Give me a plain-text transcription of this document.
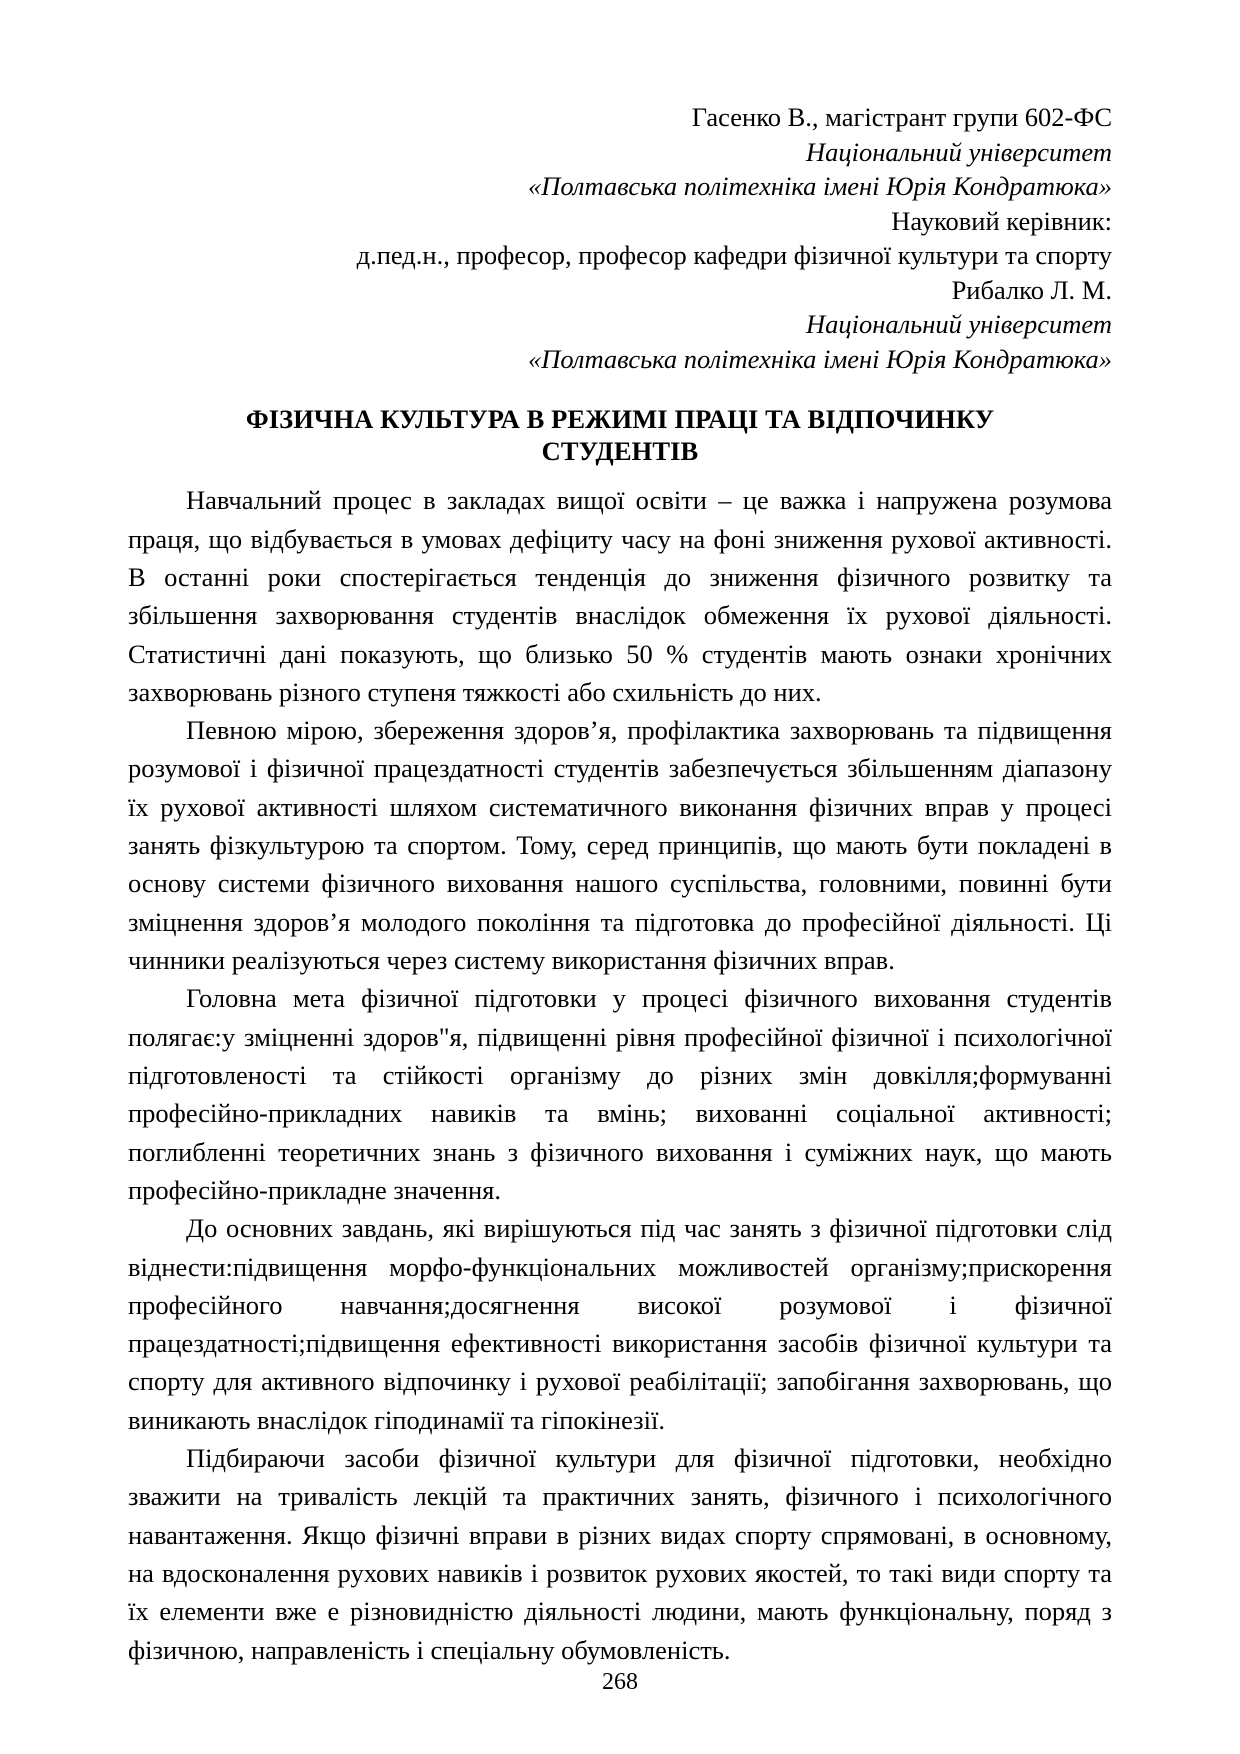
Гасенко В., магістрант групи 602-ФС
Національний університет
«Полтавська політехніка імені Юрія Кондратюка»
Науковий керівник:
д.пед.н., професор, професор кафедри фізичної культури та спорту
Рибалко Л. М.
Національний університет
«Полтавська політехніка імені Юрія Кондратюка»
ФІЗИЧНА КУЛЬТУРА В РЕЖИМІ ПРАЦІ ТА ВІДПОЧИНКУ
СТУДЕНТІВ

Навчальний процес в закладах вищої освіти – це важка і напружена розумова праця, що відбувається в умовах дефіциту часу на фоні зниження рухової активності. В останні роки спостерігається тенденція до зниження фізичного розвитку та збільшення захворювання студентів внаслідок обмеження їх рухової діяльності. Статистичні дані показують, що близько 50 % студентів мають ознаки хронічних захворювань різного ступеня тяжкості або схильність до них.

Певною мірою, збереження здоров’я, профілактика захворювань та підвищення розумової і фізичної працездатності студентів забезпечується збільшенням діапазону їх рухової активності шляхом систематичного виконання фізичних вправ у процесі занять фізкультурою та спортом. Тому, серед принципів, що мають бути покладені в основу системи фізичного виховання нашого суспільства, головними, повинні бути зміцнення здоров’я молодого покоління та підготовка до професійної діяльності. Ці чинники реалізуються через систему використання фізичних вправ.

Головна мета фізичної підготовки у процесі фізичного виховання студентів полягає:у зміцненні здоров"я, підвищенні рівня професійної фізичної і психологічної підготовленості та стійкості організму до різних змін довкілля;формуванні професійно-прикладних навиків та вмінь; вихованні соціальної активності; поглибленні теоретичних знань з фізичного виховання і суміжних наук, що мають професійно-прикладне значення.

До основних завдань, які вирішуються під час занять з фізичної підготовки слід віднести:підвищення морфо-функціональних можливостей організму;прискорення професійного навчання;досягнення високої розумової і фізичної працездатності;підвищення ефективності використання засобів фізичної культури та спорту для активного відпочинку і рухової реабілітації; запобігання захворювань, що виникають внаслідок гіподинамії та гіпокінезії.

Підбираючи засоби фізичної культури для фізичної підготовки, необхідно зважити на тривалість лекцій та практичних занять, фізичного і психологічного навантаження. Якщо фізичні вправи в різних видах спорту спрямовані, в основному, на вдосконалення рухових навиків і розвиток рухових якостей, то такі види спорту та їх елементи вже е різновидністю діяльності людини, мають функціональну, поряд з фізичною, направленість і спеціальну обумовленість.

268
